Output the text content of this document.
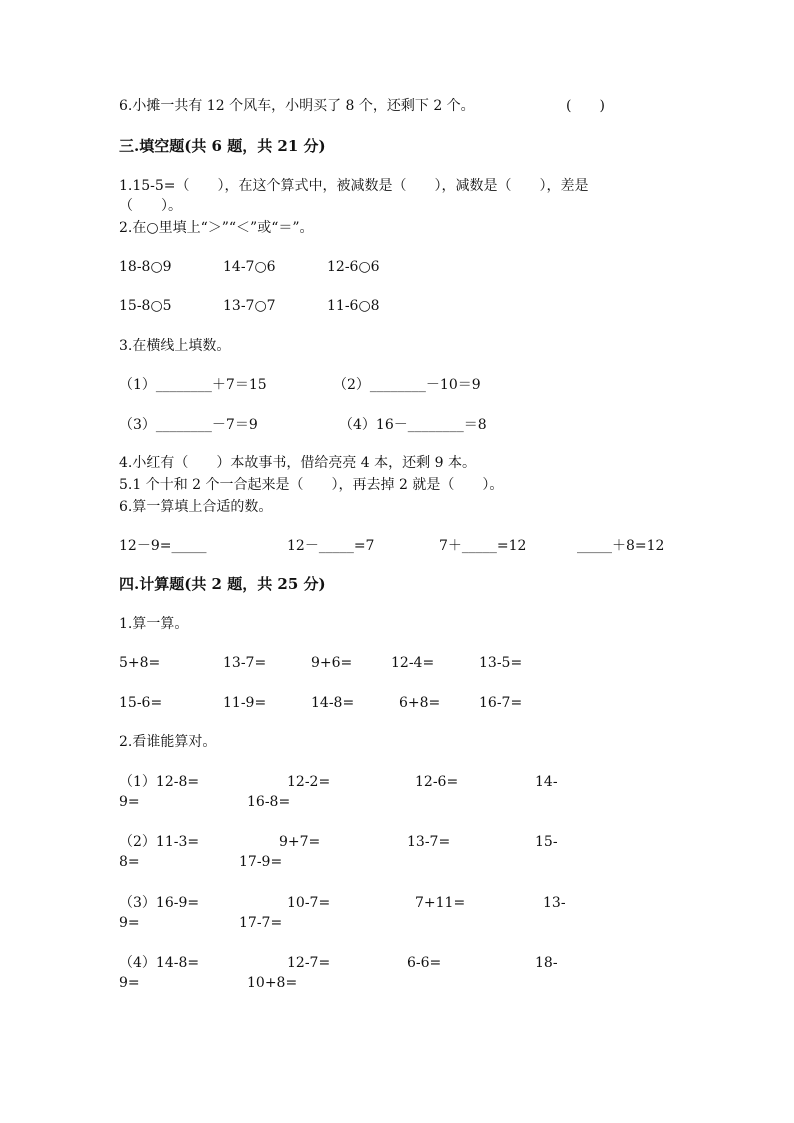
6.小摊一共有 12 个风车，小明买了 8 个，还剩下 2 个。	(　　)
三.填空题(共 6 题，共 21 分)
1.15-5=（　　），在这个算式中，被减数是（　　），减数是（　　），差是
（　　）。
2.在○里填上“＞”“＜”或“＝”。
18-8○9	14-7○6	12-6○6
15-8○5	13-7○7	11-6○8
3.在横线上填数。
（1）________＋7＝15	（2）________－10＝9
（3）________－7＝9	（4）16－________＝8
4.小红有（　　）本故事书，借给亮亮 4 本，还剩 9 本。
5.1 个十和 2 个一合起来是（　　），再去掉 2 就是（　　）。
6.算一算填上合适的数。
12－9=_____	12－_____=7	7＋_____=12	_____＋8=12
四.计算题(共 2 题，共 25 分)
1.算一算。
5+8=	13-7=	9+6=	12-4=	13-5=
15-6=	11-9=	14-8=	6+8=	16-7=
2.看谁能算对。
（1）12-8=	12-2=	12-6=	14-
9=	16-8=
（2）11-3=	9+7=	13-7=	15-
8=	17-9=
（3）16-9=	10-7=	7+11=	13-
9=	17-7=
（4）14-8=	12-7=	6-6=	18-
9=	10+8=
